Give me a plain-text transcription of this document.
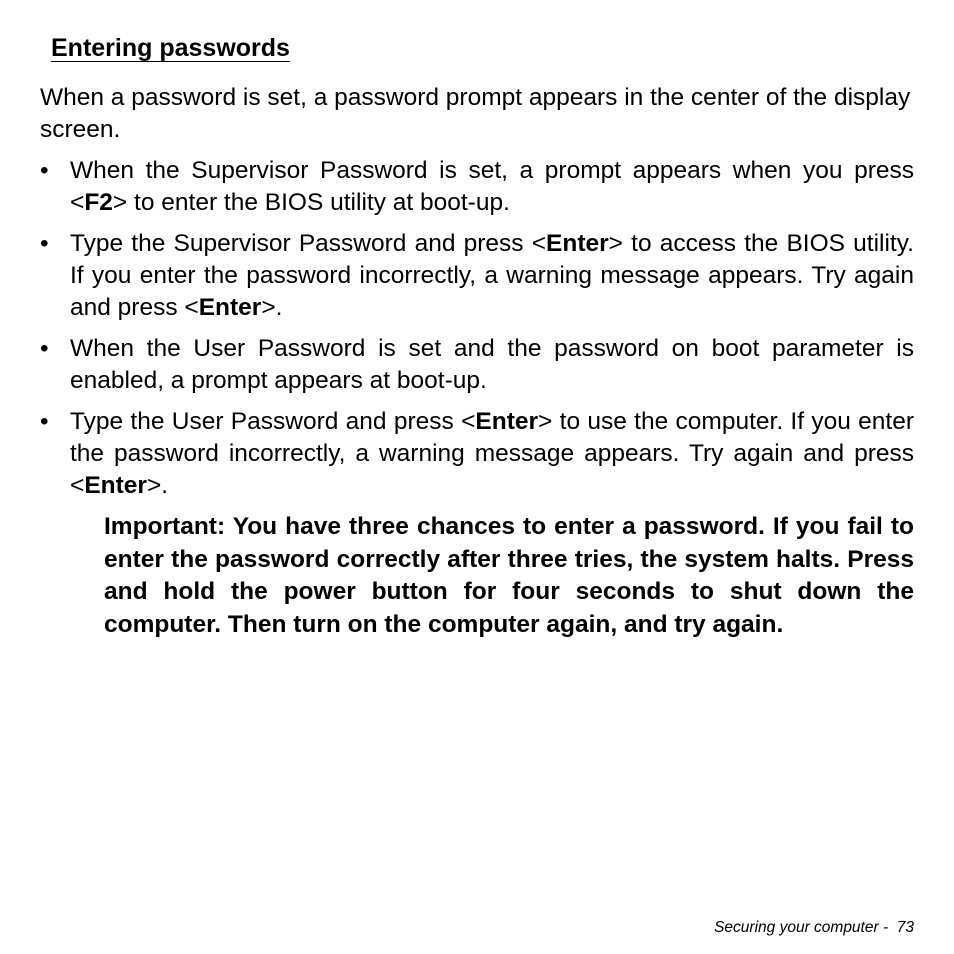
Entering passwords

When a password is set, a password prompt appears in the center of the display screen.

• When the Supervisor Password is set, a prompt appears when you press <F2> to enter the BIOS utility at boot-up.
• Type the Supervisor Password and press <Enter> to access the BIOS utility. If you enter the password incorrectly, a warning message appears. Try again and press <Enter>.
• When the User Password is set and the password on boot parameter is enabled, a prompt appears at boot-up.
• Type the User Password and press <Enter> to use the computer. If you enter the password incorrectly, a warning message appears. Try again and press <Enter>.

Important: You have three chances to enter a password. If you fail to enter the password correctly after three tries, the system halts. Press and hold the power button for four seconds to shut down the computer. Then turn on the computer again, and try again.

Securing your computer - 73
